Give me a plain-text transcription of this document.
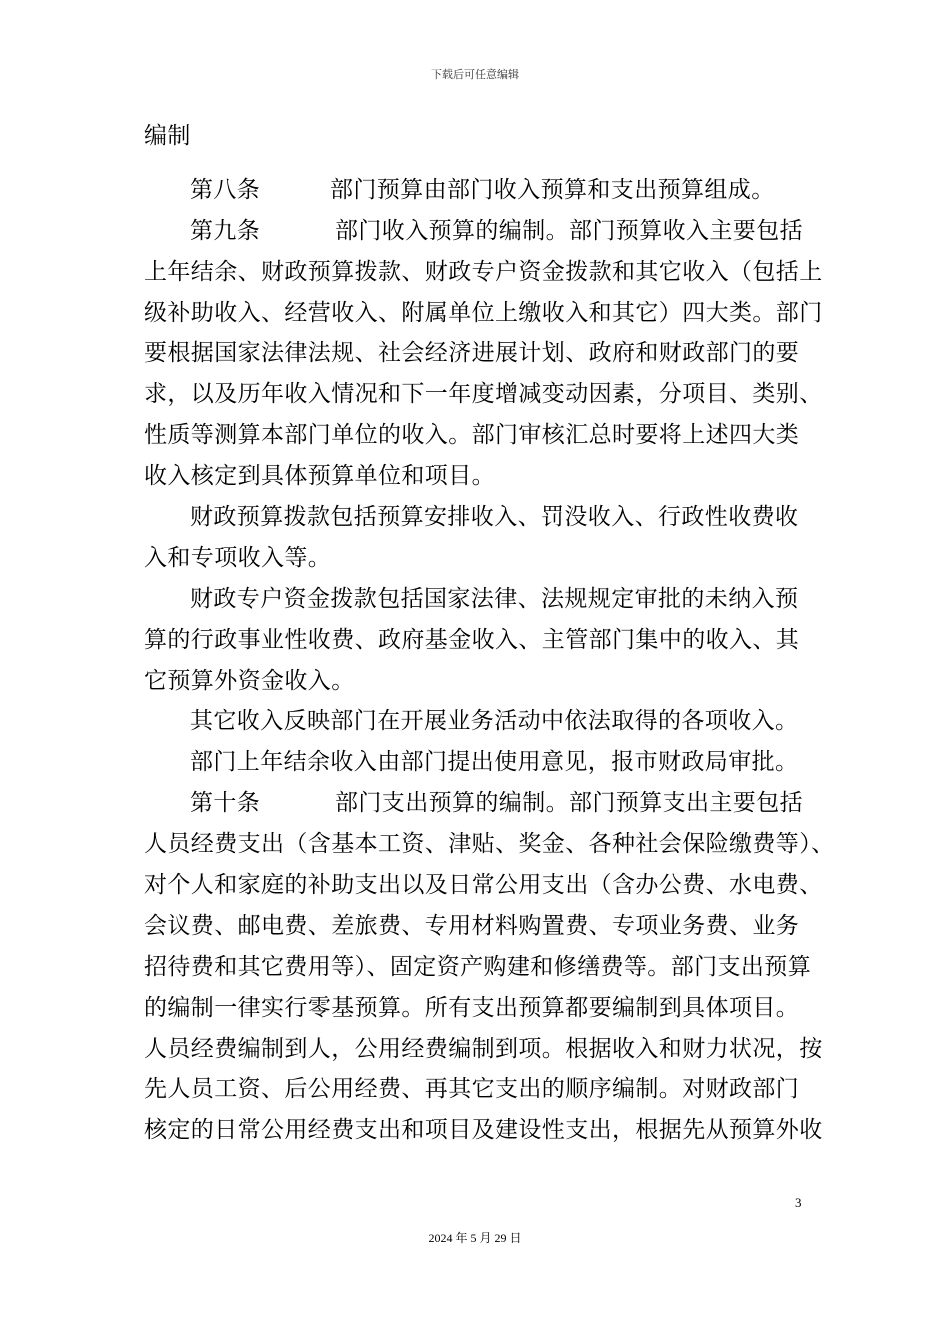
下载后可任意编辑
编制
第八条	部门预算由部门收入预算和支出预算组成。
第九条	部门收入预算的编制。部门预算收入主要包括
上年结余、财政预算拨款、财政专户资金拨款和其它收入（包括上
级补助收入、经营收入、附属单位上缴收入和其它）四大类。部门
要根据国家法律法规、社会经济进展计划、政府和财政部门的要
求，以及历年收入情况和下一年度增减变动因素，分项目、类别、
性质等测算本部门单位的收入。部门审核汇总时要将上述四大类
收入核定到具体预算单位和项目。
财政预算拨款包括预算安排收入、罚没收入、行政性收费收
入和专项收入等。
财政专户资金拨款包括国家法律、法规规定审批的未纳入预
算的行政事业性收费、政府基金收入、主管部门集中的收入、其
它预算外资金收入。
其它收入反映部门在开展业务活动中依法取得的各项收入。
部门上年结余收入由部门提出使用意见，报市财政局审批。
第十条	部门支出预算的编制。部门预算支出主要包括
人员经费支出（含基本工资、津贴、奖金、各种社会保险缴费等）、
对个人和家庭的补助支出以及日常公用支出（含办公费、水电费、
会议费、邮电费、差旅费、专用材料购置费、专项业务费、业务
招待费和其它费用等）、固定资产购建和修缮费等。部门支出预算
的编制一律实行零基预算。所有支出预算都要编制到具体项目。
人员经费编制到人，公用经费编制到项。根据收入和财力状况，按
先人员工资、后公用经费、再其它支出的顺序编制。对财政部门
核定的日常公用经费支出和项目及建设性支出，根据先从预算外收
3
2024 年 5 月 29 日
